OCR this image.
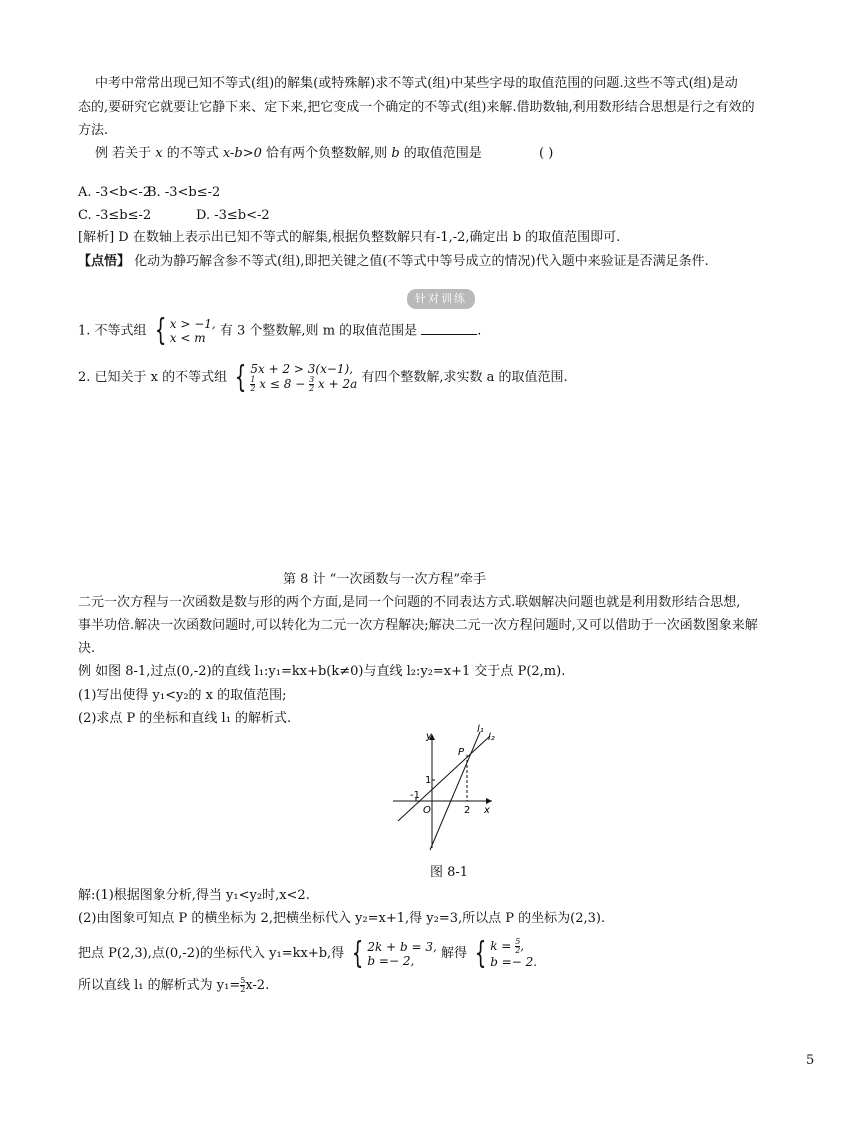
中考中常常出现已知不等式(组)的解集(或特殊解)求不等式(组)中某些字母的取值范围的问题.这些不等式(组)是动
态的,要研究它就要让它静下来、定下来,把它变成一个确定的不等式(组)来解.借助数轴,利用数形结合思想是行之有效的
方法.
例 若关于 x 的不等式 x-b>0 恰有两个负整数解,则 b 的取值范围是	( )
A. -3<b<-2
B. -3<b≤-2
C. -3≤b≤-2	D. -3≤b<-2
[解析] D 在数轴上表示出已知不等式的解集,根据负整数解只有-1,-2,确定出 b 的取值范围即可.
【点悟】 化动为静巧解含参不等式(组),即把关键之值(不等式中等号成立的情况)代入题中来验证是否满足条件.
针对训练
1. 不等式组 { x > −1,
x < m	有 3 个整数解,则 m 的取值范围是	.
2. 已知关于 x 的不等式组 { 5x + 2 > 3(x−1),
$\frac{1}{2}$ $x \le 8 - \frac{3}{2}$ x + 2a 有四个整数解,求实数 a 的取值范围.
第 8 计 “一次函数与一次方程”牵手
二元一次方程与一次函数是数与形的两个方面,是同一个问题的不同表达方式.联姻解决问题也就是利用数形结合思想,
事半功倍.解决一次函数问题时,可以转化为二元一次方程解决;解决二元一次方程问题时,又可以借助于一次函数图象来解
决.
例 如图 8-1,过点(0,-2)的直线 l₁:y₁=kx+b(k≠0)与直线 l₂:y₂=x+1 交于点 P(2,m).
(1)写出使得 y₁<y₂的 x 的取值范围;
(2)求点 P 的坐标和直线 l₁ 的解析式.
y
x
O
1
-1
2
P
l₁
l₂
图 8-1
解:(1)根据图象分析,得当 y₁<y₂时,x<2.
(2)由图象可知点 P 的横坐标为 2,把横坐标代入 y₂=x+1,得 y₂=3,所以点 P 的坐标为(2,3).
把点 P(2,3),点(0,-2)的坐标代入 y₁=kx+b,得 { 2k + b = 3,
b =− 2,	解得 { $k = \frac{5}{2}$ ,
b =− 2.
所以直线 l₁ 的解析式为 $y_1= \frac{5}{2} x-2$.
5
